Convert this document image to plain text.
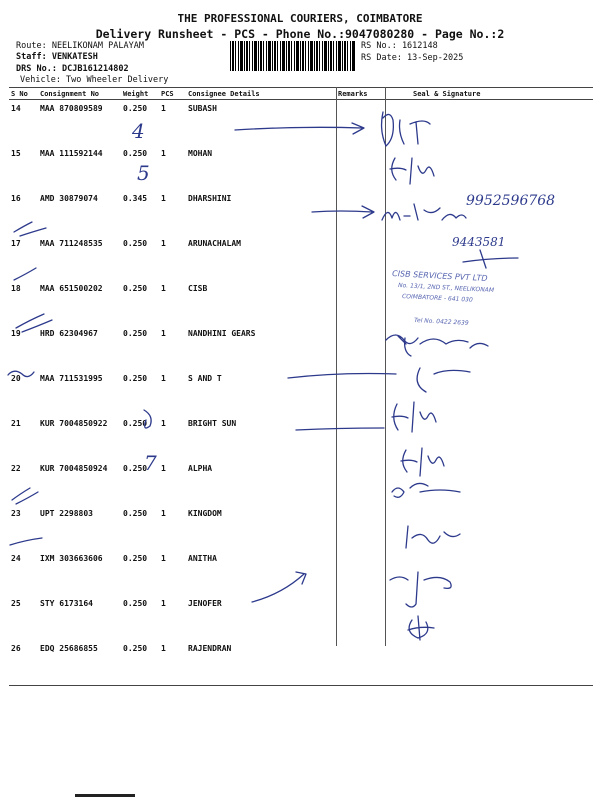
THE PROFESSIONAL COURIERS, COIMBATORE
Delivery Runsheet - PCS - Phone No.:9047080280 - Page No.:2
Route: NEELIKONAM PALAYAM
Staff: VENKATESH
DRS No.: DCJB161214802
Vehicle: Two Wheeler Delivery
RS No.: 1612148
RS Date: 13-Sep-2025
S No	Consignment No	Weight	PCS	Consignee Details	Remarks	Seal & Signature
14	MAA 870809589	0.250	1	SUBASH		
15	MAA 111592144	0.250	1	MOHAN		
16	AMD 30879074	0.345	1	DHARSHINI		
17	MAA 711248535	0.250	1	ARUNACHALAM		
18	MAA 651500202	0.250	1	CISB		
19	HRD 62304967	0.250	1	NANDHINI GEARS		
20	MAA 711531995	0.250	1	S AND T		
21	KUR 7004850922	0.250	1	BRIGHT SUN		
22	KUR 7004850924	0.250	1	ALPHA		
23	UPT 2298803	0.250	1	KINGDOM		
24	IXM 303663606	0.250	1	ANITHA		
25	STY 6173164	0.250	1	JENOFER		
26	EDQ 25686855	0.250	1	RAJENDRAN		
4
5
9952596768
9443581
7
CISB SERVICES PVT LTD
No. 13/1, 2ND ST., NEELIKONAM
COIMBATORE - 641 030
Tel No. 0422 2639
